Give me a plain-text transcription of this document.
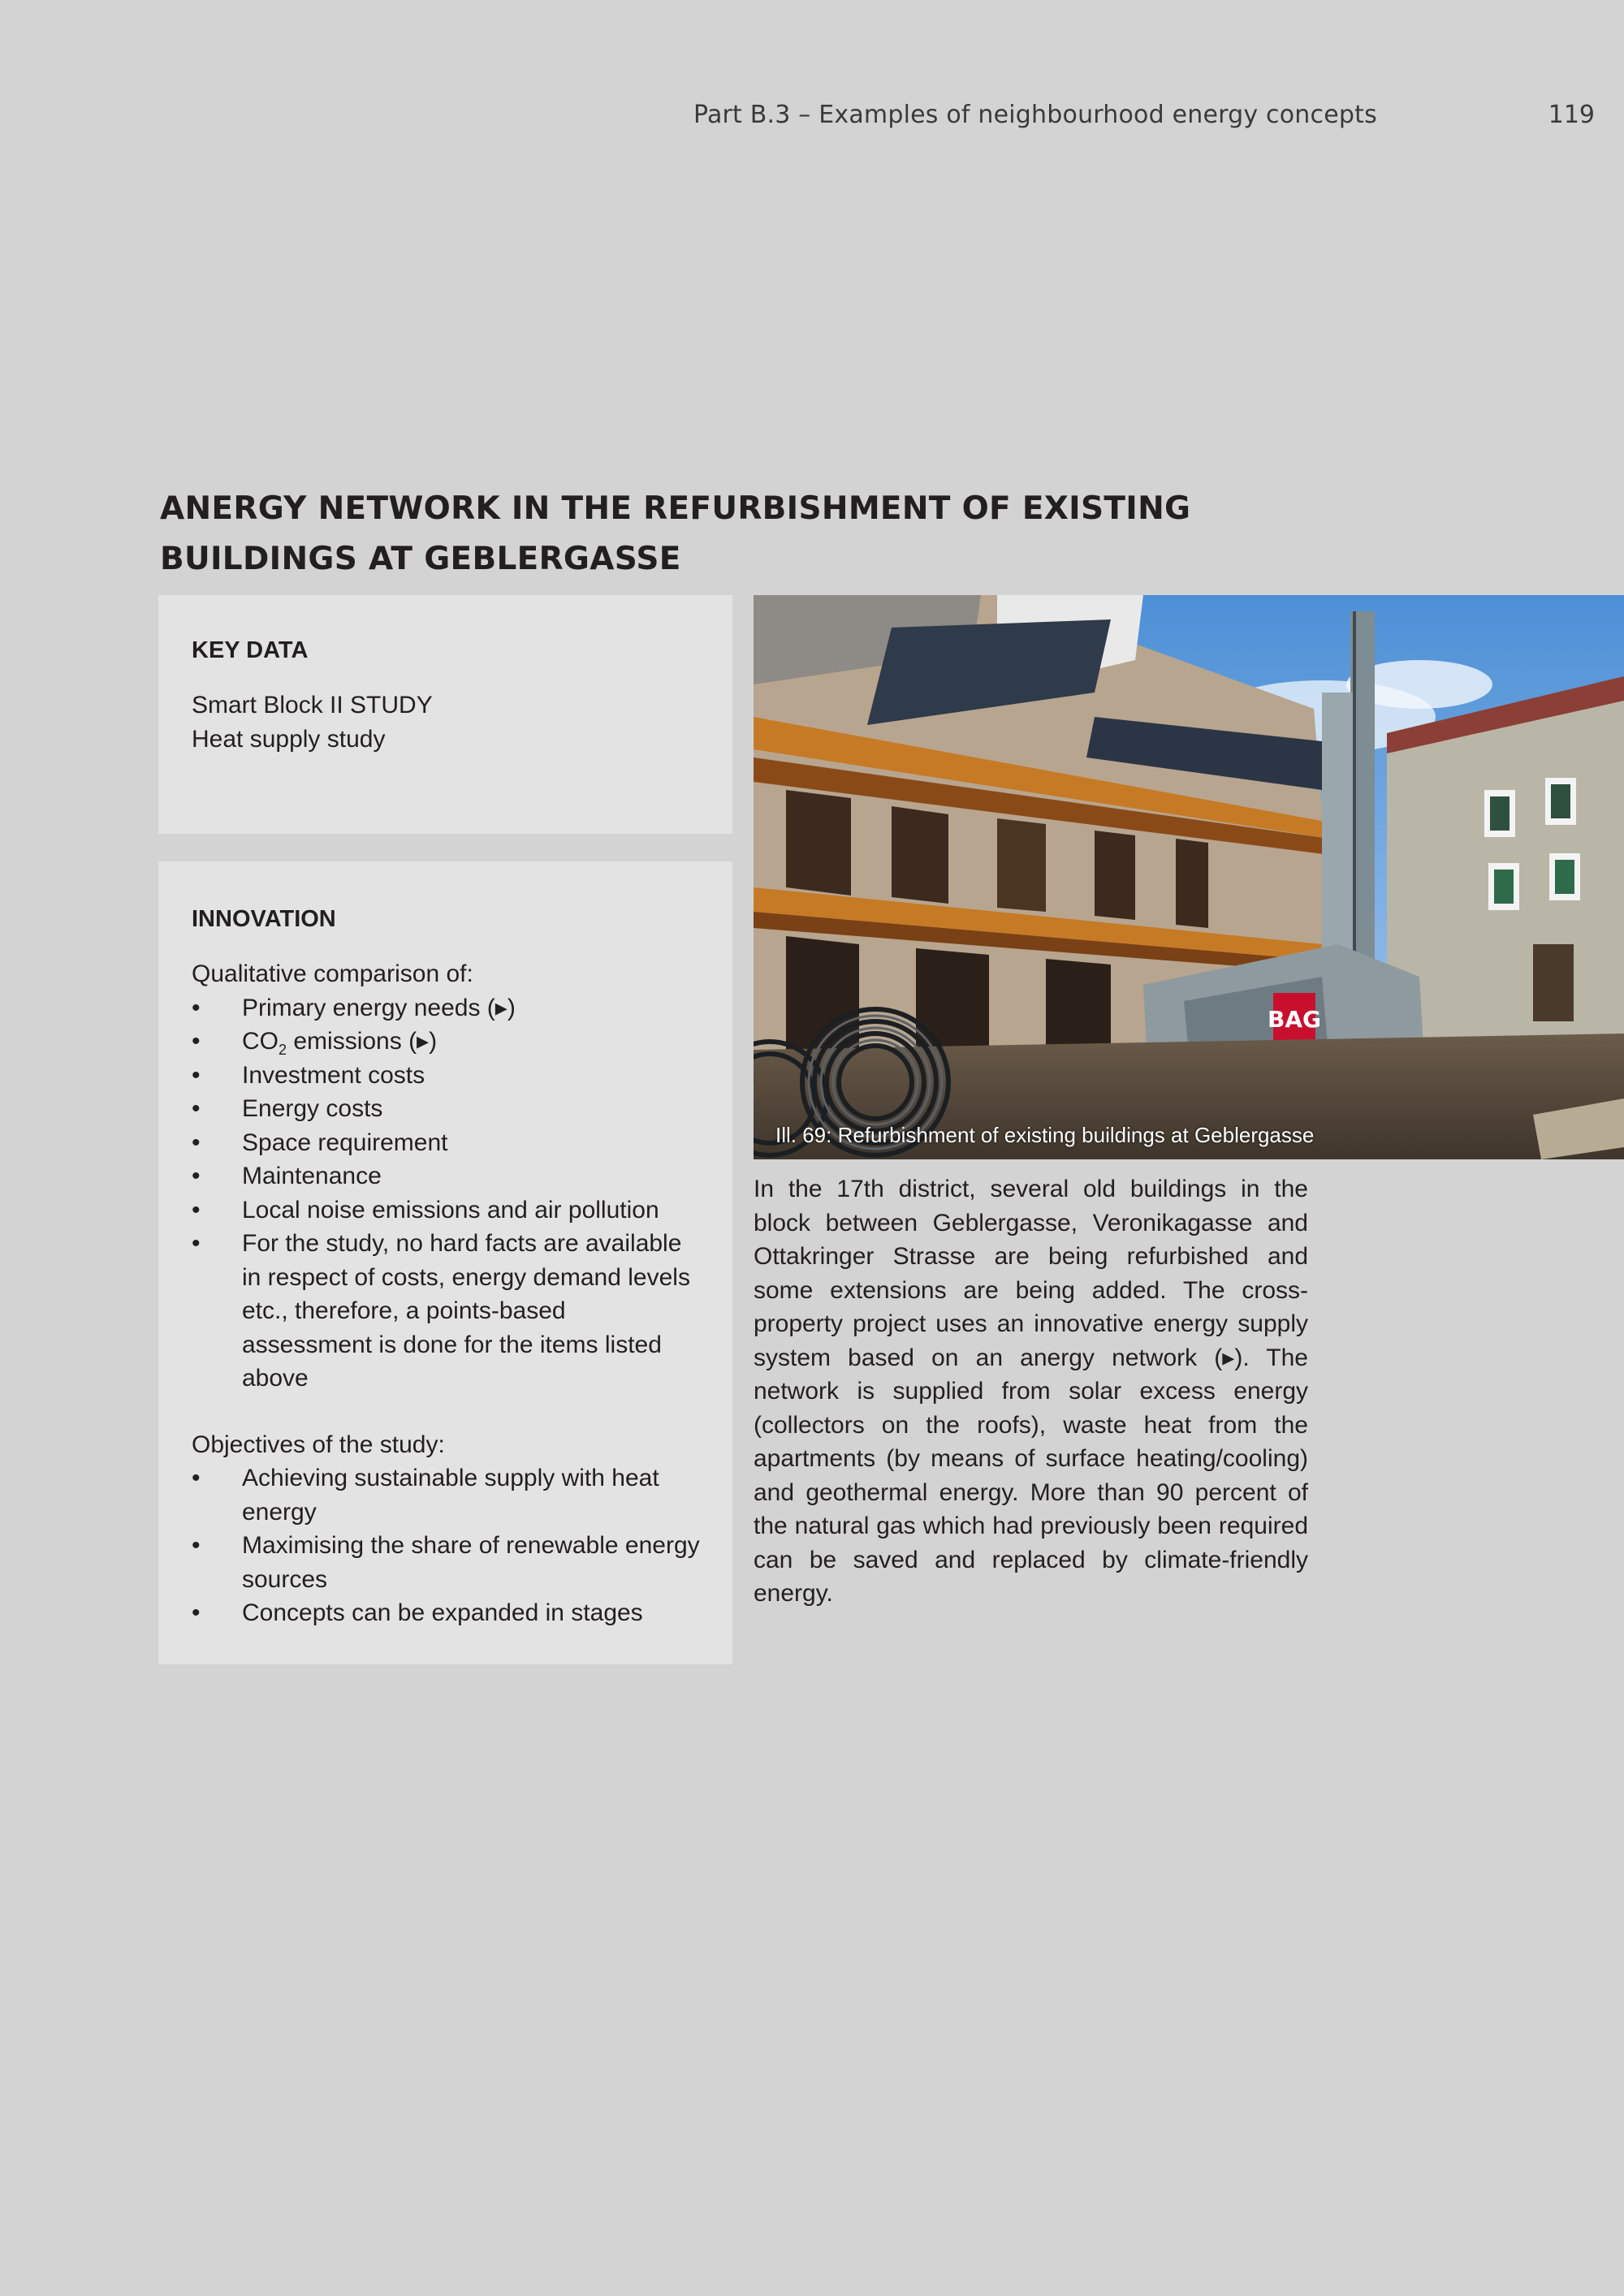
Part B.3 – Examples of neighbourhood energy concepts	119
ANERGY NETWORK IN THE REFURBISHMENT OF EXISTING BUILDINGS AT GEBLERGASSE
KEY DATA

Smart Block II STUDY

Heat supply study

INNOVATION

Qualitative comparison of:

• Primary energy needs (▸)
• $CO_2$ emissions (▸)
• Investment costs
• Energy costs
• Space requirement
• Maintenance
• Local noise emissions and air pollution
• For the study, no hard facts are available in respect of costs, energy demand levels etc., therefore, a points-based assessment is done for the items listed above

Objectives of the study:

• Achieving sustainable supply with heat energy
• Maximising the share of renewable energy sources
• Concepts can be expanded in stages
BAG
Ill. 69: Refurbishment of existing buildings at Geblergasse

In the 17th district, several old buildings in the block between Geblergasse, Veronikagasse and Ottakringer Strasse are being refurbished and some extensions are being added. The cross-property project uses an innovative energy supply system based on an anergy network (▸). The network is supplied from solar excess energy (collectors on the roofs), waste heat from the apartments (by means of surface heating/cooling) and geothermal energy. More than 90 percent of the natural gas which had previously been required can be saved and replaced by climate-friendly energy.
